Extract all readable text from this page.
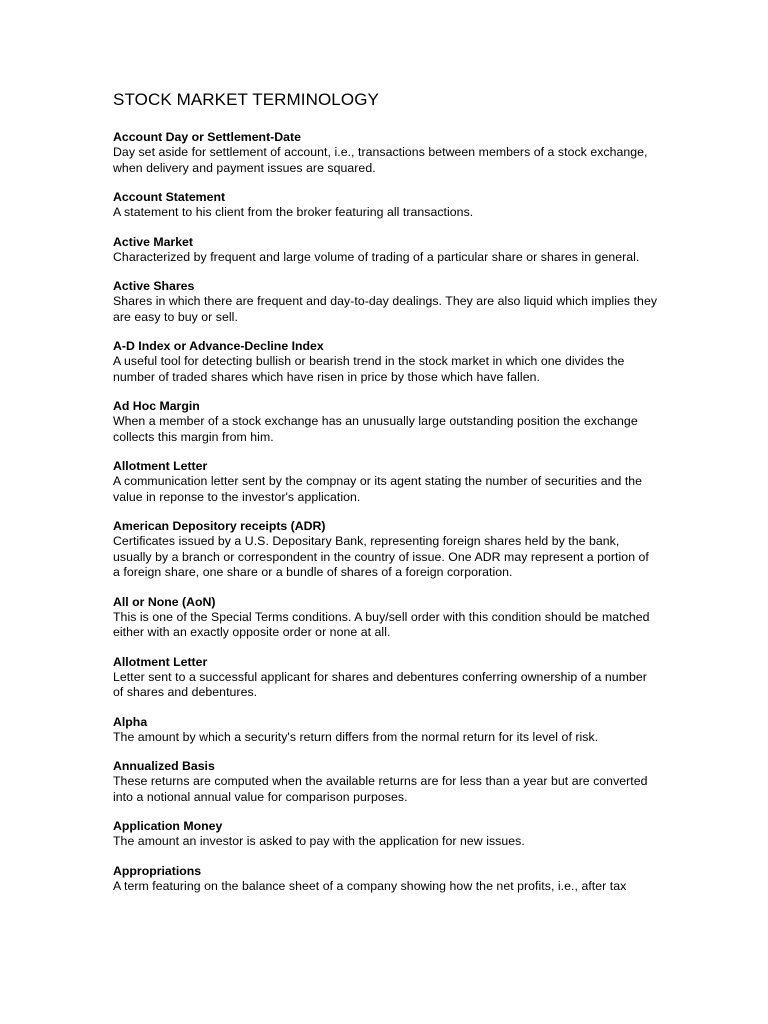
STOCK MARKET TERMINOLOGY
Account Day or Settlement-Date
Day set aside for settlement of account, i.e., transactions between members of a stock exchange, when delivery and payment issues are squared.
Account Statement
A statement to his client from the broker featuring all transactions.
Active Market
Characterized by frequent and large volume of trading of a particular share or shares in general.
Active Shares
Shares in which there are frequent and day-to-day dealings. They are also liquid which implies they are easy to buy or sell.
A-D Index or Advance-Decline Index
A useful tool for detecting bullish or bearish trend in the stock market in which one divides the number of traded shares which have risen in price by those which have fallen.
Ad Hoc Margin
When a member of a stock exchange has an unusually large outstanding position the exchange collects this margin from him.
Allotment Letter
A communication letter sent by the compnay or its agent stating the number of securities and the value in reponse to the investor's application.
American Depository receipts (ADR)
Certificates issued by a U.S. Depositary Bank, representing foreign shares held by the bank, usually by a branch or correspondent in the country of issue. One ADR may represent a portion of a foreign share, one share or a bundle of shares of a foreign corporation.
All or None (AoN)
This is one of the Special Terms conditions. A buy/sell order with this condition should be matched either with an exactly opposite order or none at all.
Allotment Letter
Letter sent to a successful applicant for shares and debentures conferring ownership of a number of shares and debentures.
Alpha
The amount by which a security's return differs from the normal return for its level of risk.
Annualized Basis
These returns are computed when the available returns are for less than a year but are converted into a notional annual value for comparison purposes.
Application Money
The amount an investor is asked to pay with the application for new issues.
Appropriations
A term featuring on the balance sheet of a company showing how the net profits, i.e., after tax
